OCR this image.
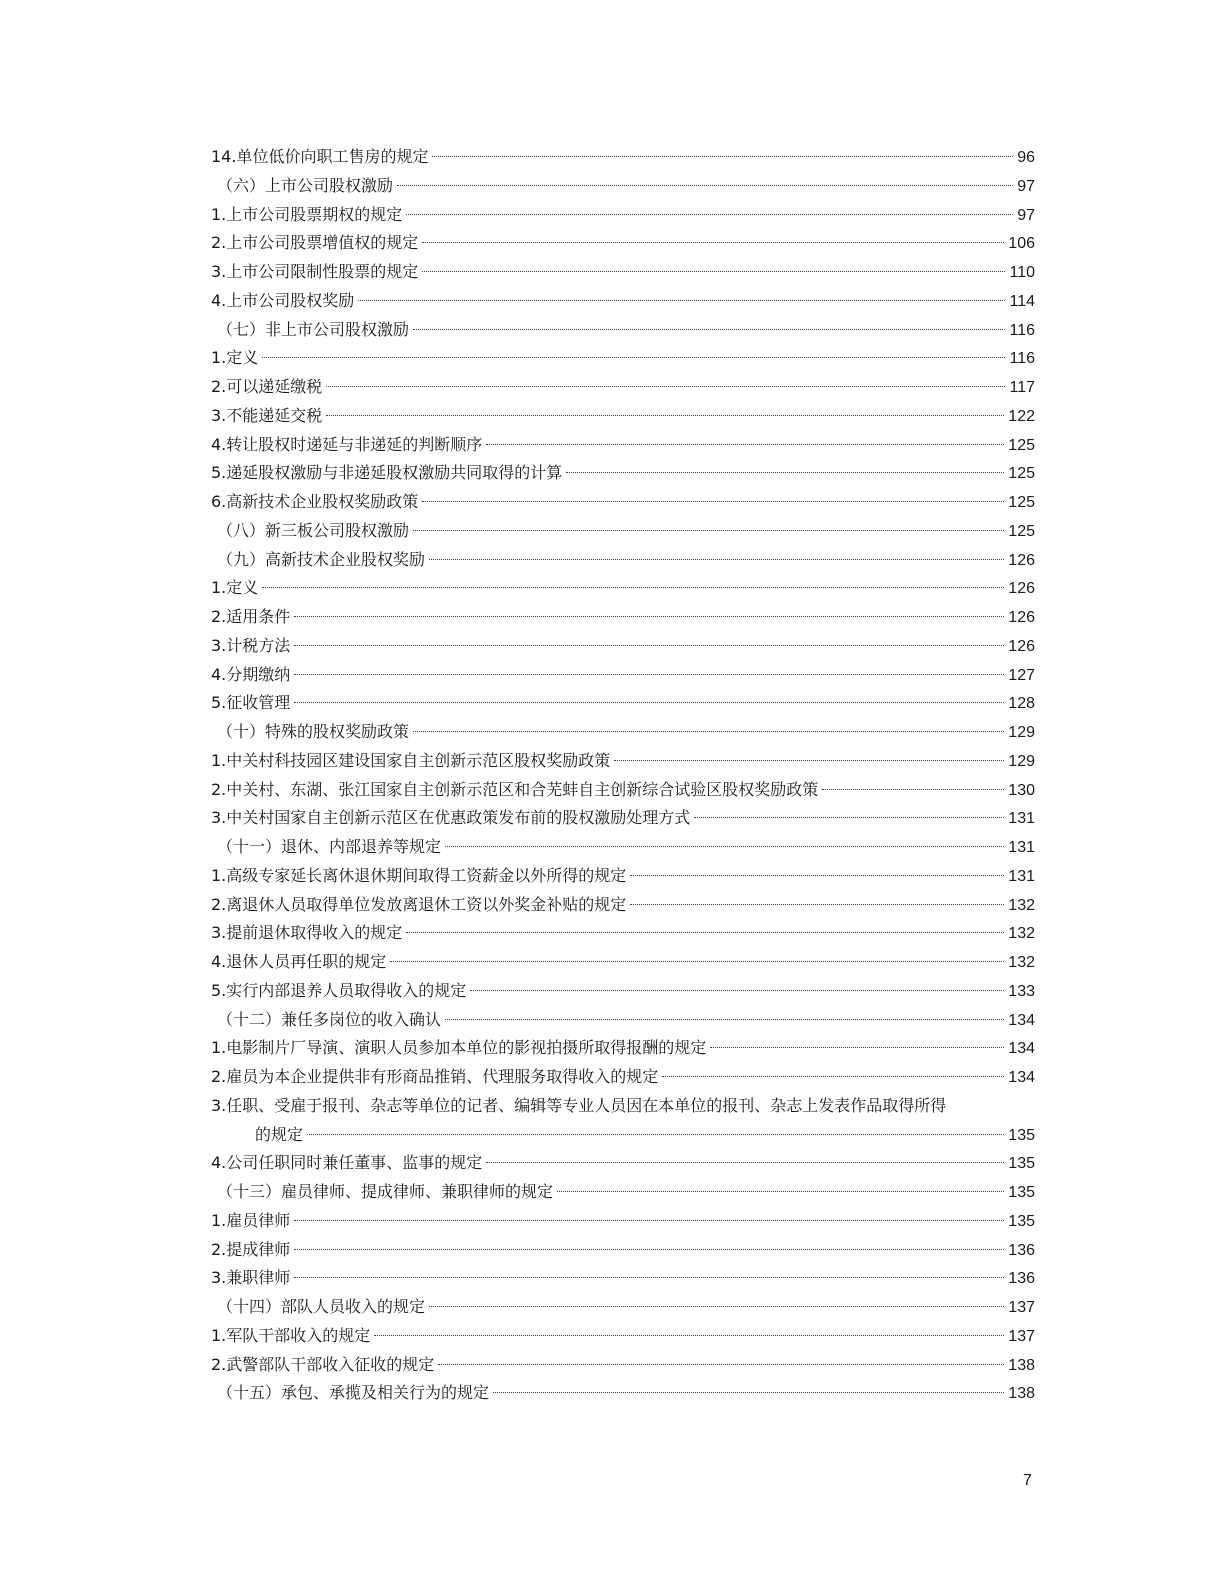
14.单位低价向职工售房的规定	96
（六）上市公司股权激励	97
1.上市公司股票期权的规定	97
2.上市公司股票增值权的规定	106
3.上市公司限制性股票的规定	110
4.上市公司股权奖励	114
（七）非上市公司股权激励	116
1.定义	116
2.可以递延缴税	117
3.不能递延交税	122
4.转让股权时递延与非递延的判断顺序	125
5.递延股权激励与非递延股权激励共同取得的计算	125
6.高新技术企业股权奖励政策	125
（八）新三板公司股权激励	125
（九）高新技术企业股权奖励	126
1.定义	126
2.适用条件	126
3.计税方法	126
4.分期缴纳	127
5.征收管理	128
（十）特殊的股权奖励政策	129
1.中关村科技园区建设国家自主创新示范区股权奖励政策	129
2.中关村、东湖、张江国家自主创新示范区和合芜蚌自主创新综合试验区股权奖励政策	130
3.中关村国家自主创新示范区在优惠政策发布前的股权激励处理方式	131
（十一）退休、内部退养等规定	131
1.高级专家延长离休退休期间取得工资薪金以外所得的规定	131
2.离退休人员取得单位发放离退休工资以外奖金补贴的规定	132
3.提前退休取得收入的规定	132
4.退休人员再任职的规定	132
5.实行内部退养人员取得收入的规定	133
（十二）兼任多岗位的收入确认	134
1.电影制片厂导演、演职人员参加本单位的影视拍摄所取得报酬的规定	134
2.雇员为本企业提供非有形商品推销、代理服务取得收入的规定	134
3.任职、受雇于报刊、杂志等单位的记者、编辑等专业人员因在本单位的报刊、杂志上发表作品取得所得
的规定	135
4.公司任职同时兼任董事、监事的规定	135
（十三）雇员律师、提成律师、兼职律师的规定	135
1.雇员律师	135
2.提成律师	136
3.兼职律师	136
（十四）部队人员收入的规定	137
1.军队干部收入的规定	137
2.武警部队干部收入征收的规定	138
（十五）承包、承揽及相关行为的规定	138
7
